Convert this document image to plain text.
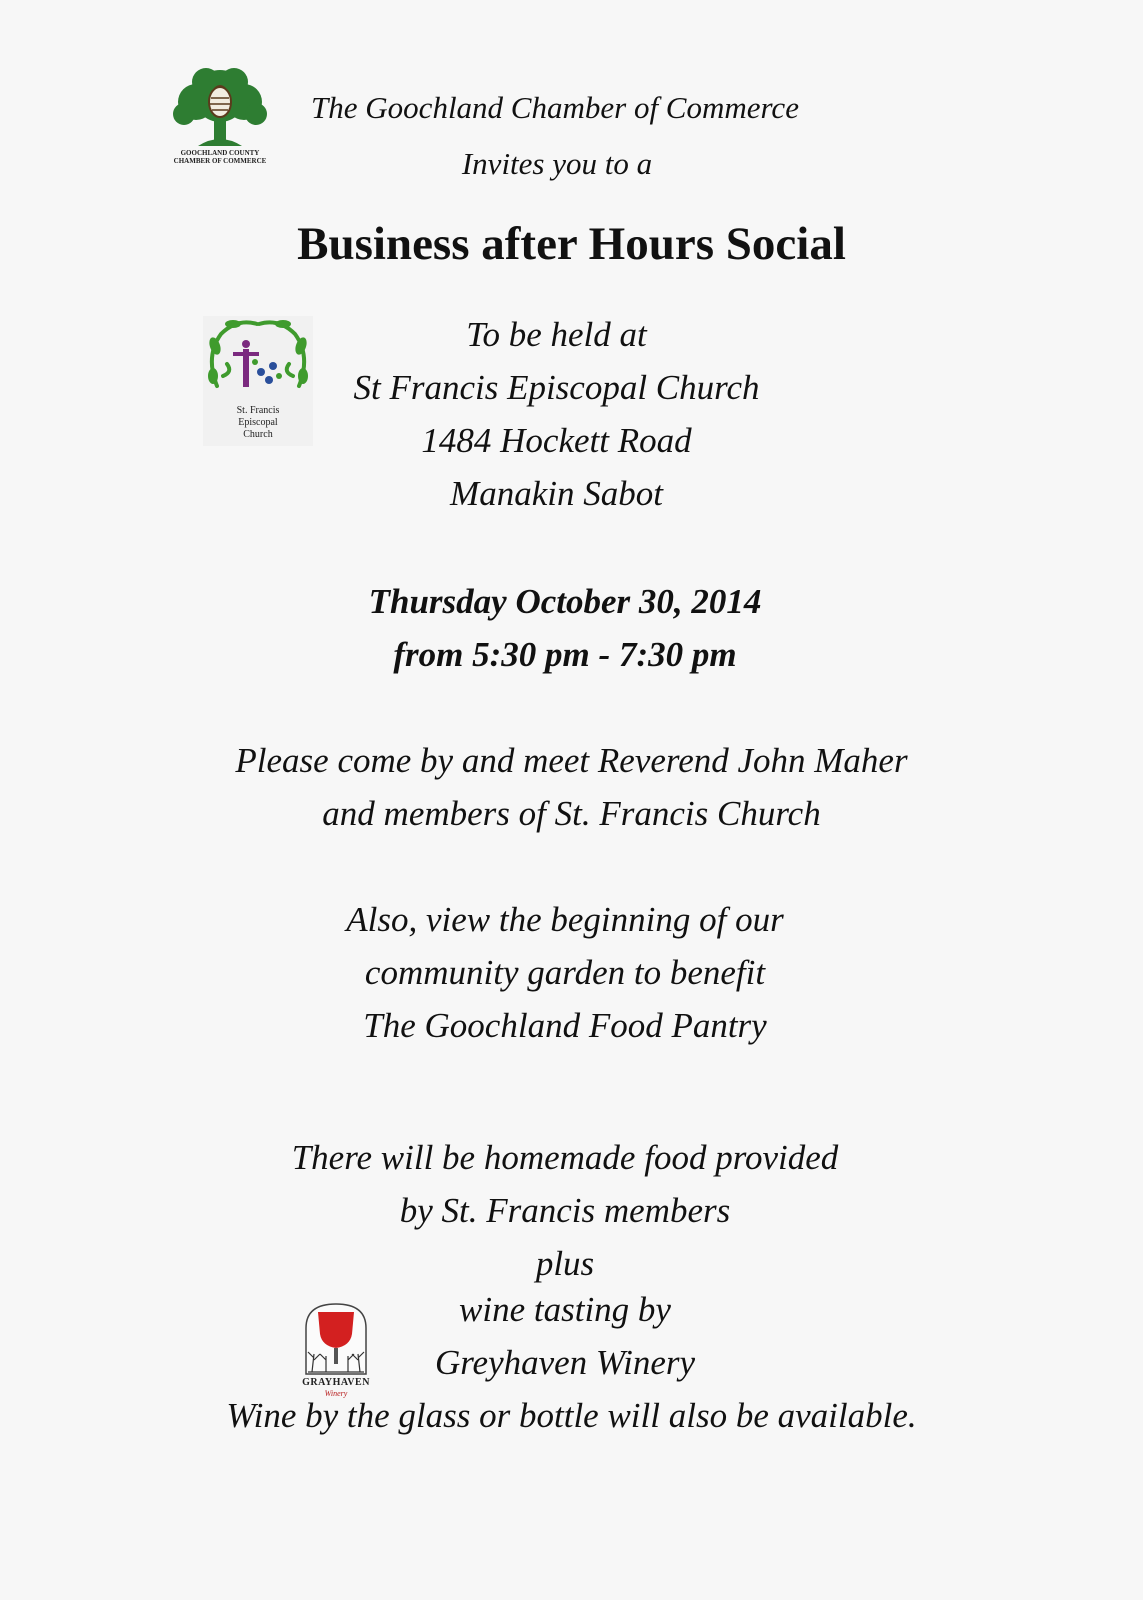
GOOCHLAND COUNTY
CHAMBER OF COMMERCE
The Goochland Chamber of Commerce
Invites you to a
Business after Hours Social
St. Francis
Episcopal
Church
To be held at
St Francis Episcopal Church
1484 Hockett Road
Manakin Sabot
Thursday October 30, 2014
from 5:30 pm - 7:30 pm
Please come by and meet Reverend John Maher
and members of St. Francis Church
Also, view the beginning of our
community garden to benefit
The Goochland Food Pantry
There will be homemade food provided
by St. Francis members
plus
GRAYHAVEN
Winery
wine tasting by
Greyhaven Winery
Wine by the glass or bottle will also be available.
